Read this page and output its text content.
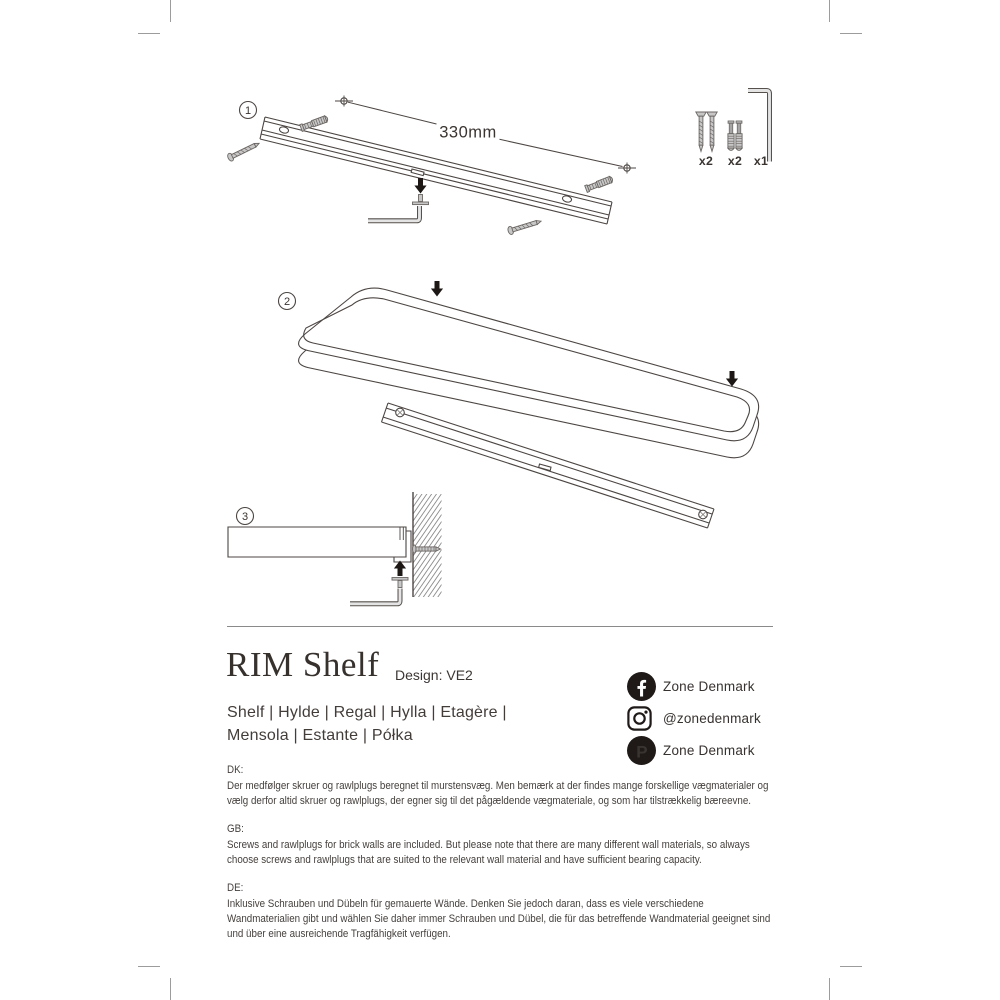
1
330mm
x2 x2 x1
2
3
RIM Shelf Design: VE2
Shelf | Hylde | Regal | Hylla | Etagère |
Mensola | Estante | Półka
Zone Denmark
@zonedenmark
P Zone Denmark

DK:

Der medfølger skruer og rawlplugs beregnet til murstensvæg. Men bemærk at der findes mange forskellige vægmaterialer og vælg derfor altid skruer og rawlplugs, der egner sig til det pågældende vægmateriale, og som har tilstrækkelig bæreevne.

GB:

Screws and rawlplugs for brick walls are included. But please note that there are many different wall materials, so always choose screws and rawlplugs that are suited to the relevant wall material and have sufficient bearing capacity.

DE:

Inklusive Schrauben und Dübeln für gemauerte Wände. Denken Sie jedoch daran, dass es viele verschiedene Wandmaterialien gibt und wählen Sie daher immer Schrauben und Dübel, die für das betreffende Wandmaterial geeignet sind und über eine ausreichende Tragfähigkeit verfügen.
